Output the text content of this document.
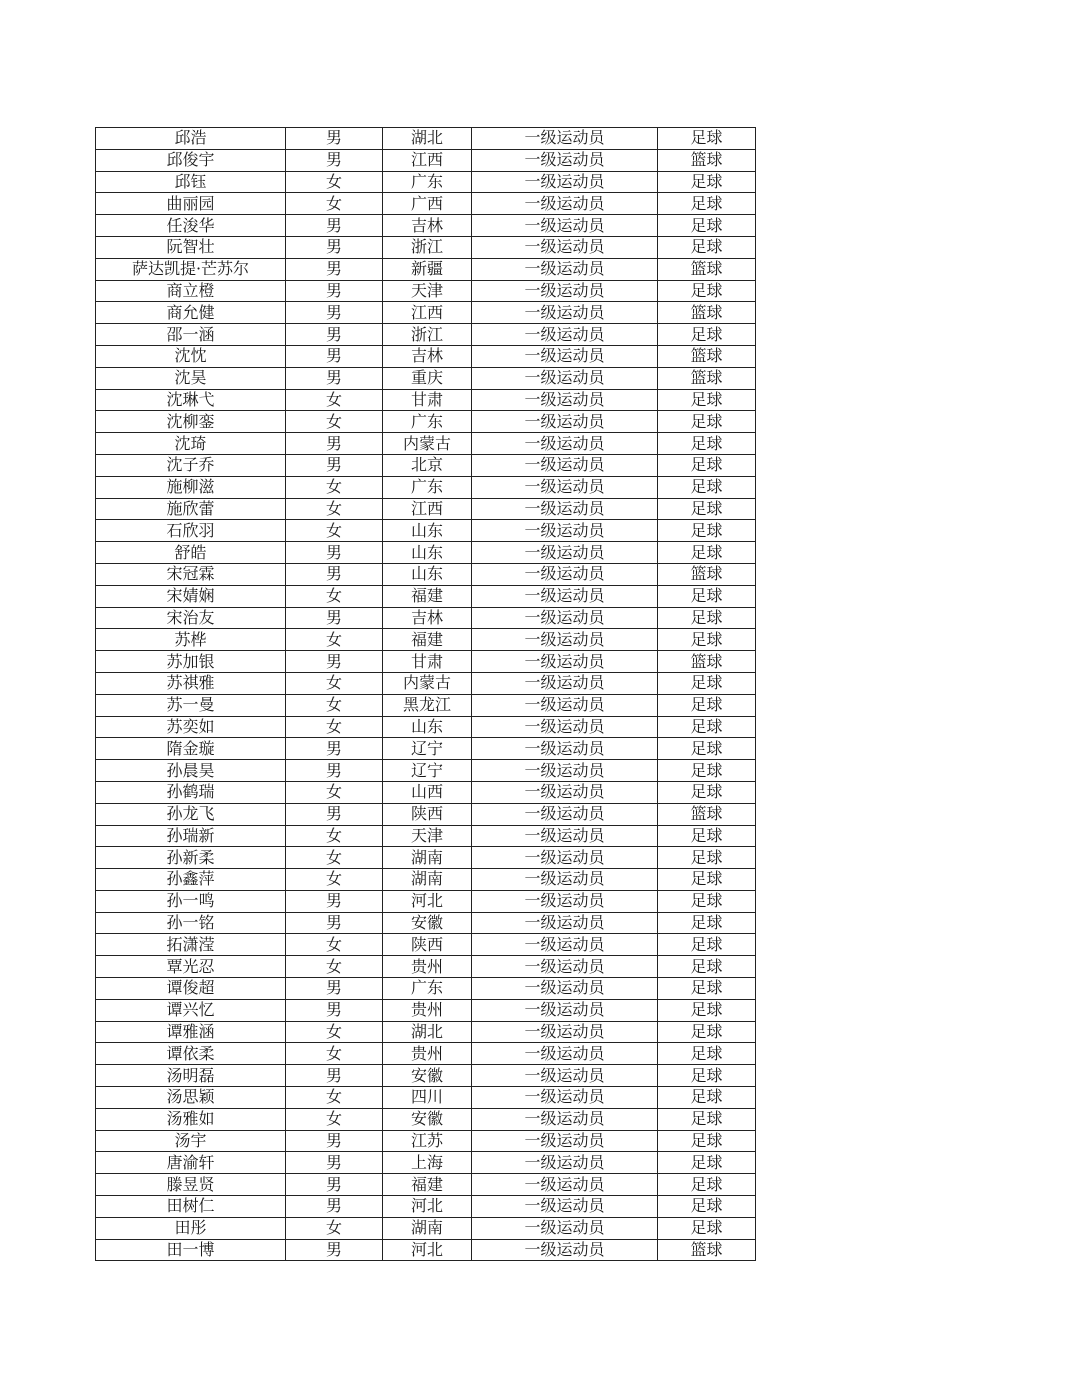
邱浩	男	湖北	一级运动员	足球
邱俊宇	男	江西	一级运动员	篮球
邱钰	女	广东	一级运动员	足球
曲丽园	女	广西	一级运动员	足球
任浚华	男	吉林	一级运动员	足球
阮智壮	男	浙江	一级运动员	足球
萨达凯提·芒苏尔	男	新疆	一级运动员	篮球
商立橙	男	天津	一级运动员	足球
商允健	男	江西	一级运动员	篮球
邵一涵	男	浙江	一级运动员	足球
沈忱	男	吉林	一级运动员	篮球
沈昊	男	重庆	一级运动员	篮球
沈琳弋	女	甘肃	一级运动员	足球
沈柳銮	女	广东	一级运动员	足球
沈琦	男	内蒙古	一级运动员	足球
沈子乔	男	北京	一级运动员	足球
施柳滋	女	广东	一级运动员	足球
施欣蕾	女	江西	一级运动员	足球
石欣羽	女	山东	一级运动员	足球
舒皓	男	山东	一级运动员	足球
宋冠霖	男	山东	一级运动员	篮球
宋婧娴	女	福建	一级运动员	足球
宋治友	男	吉林	一级运动员	足球
苏桦	女	福建	一级运动员	足球
苏加银	男	甘肃	一级运动员	篮球
苏祺雅	女	内蒙古	一级运动员	足球
苏一曼	女	黑龙江	一级运动员	足球
苏奕如	女	山东	一级运动员	足球
隋金璇	男	辽宁	一级运动员	足球
孙晨昊	男	辽宁	一级运动员	足球
孙鹤瑞	女	山西	一级运动员	足球
孙龙飞	男	陕西	一级运动员	篮球
孙瑞新	女	天津	一级运动员	足球
孙新柔	女	湖南	一级运动员	足球
孙鑫萍	女	湖南	一级运动员	足球
孙一鸣	男	河北	一级运动员	足球
孙一铭	男	安徽	一级运动员	足球
拓潇滢	女	陕西	一级运动员	足球
覃光忍	女	贵州	一级运动员	足球
谭俊超	男	广东	一级运动员	足球
谭兴忆	男	贵州	一级运动员	足球
谭雅涵	女	湖北	一级运动员	足球
谭依柔	女	贵州	一级运动员	足球
汤明磊	男	安徽	一级运动员	足球
汤思颖	女	四川	一级运动员	足球
汤雅如	女	安徽	一级运动员	足球
汤宇	男	江苏	一级运动员	足球
唐渝轩	男	上海	一级运动员	足球
滕昱贤	男	福建	一级运动员	足球
田树仁	男	河北	一级运动员	足球
田彤	女	湖南	一级运动员	足球
田一博	男	河北	一级运动员	篮球
